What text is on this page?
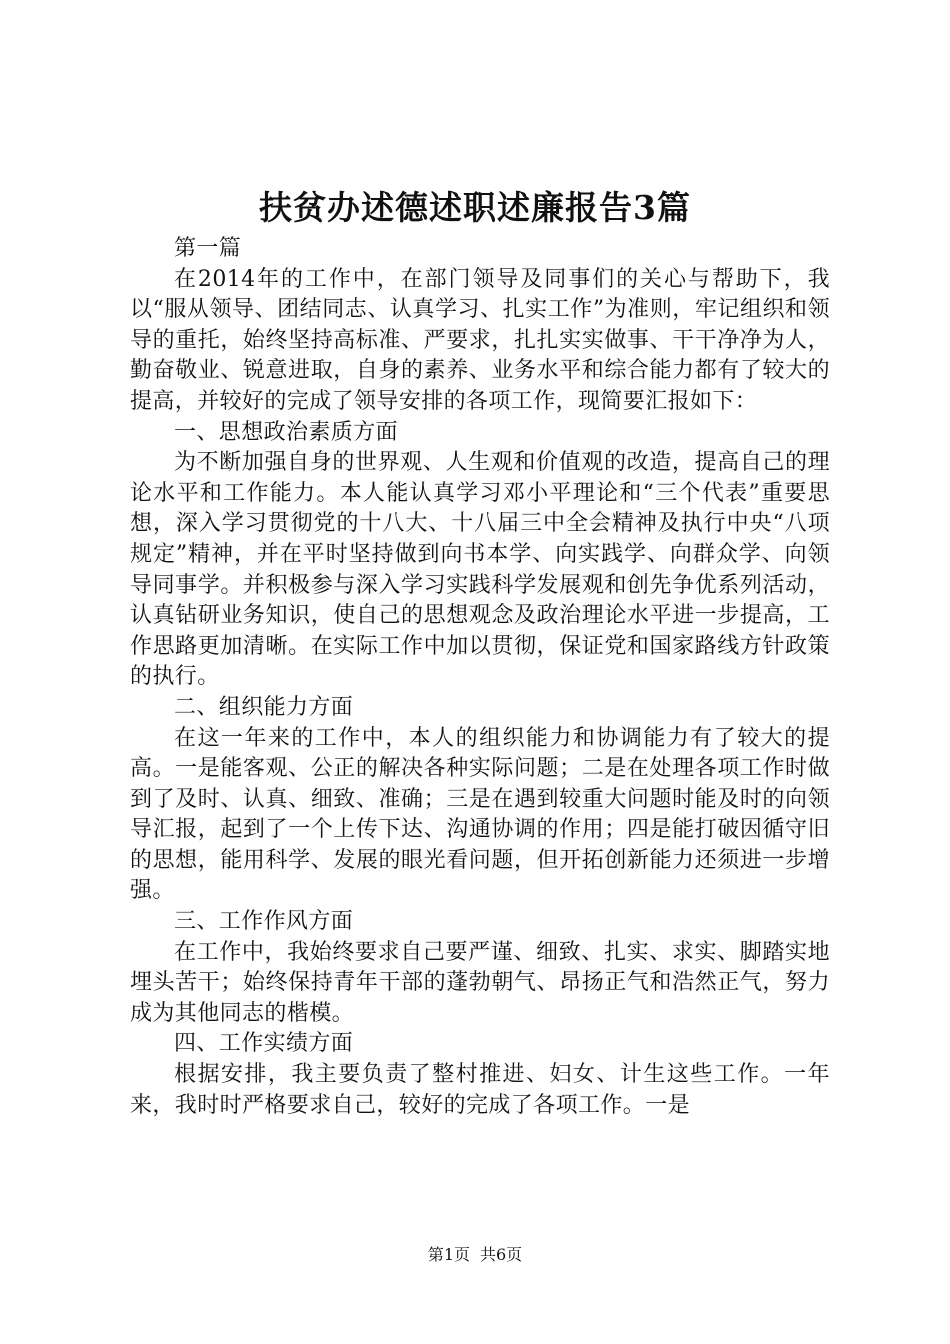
扶贫办述德述职述廉报告3篇

第一篇

在2014年的工作中，在部门领导及同事们的关心与帮助下，我以“服从领导、团结同志、认真学习、扎实工作”为准则，牢记组织和领导的重托，始终坚持高标准、严要求，扎扎实实做事、干干净净为人，勤奋敬业、锐意进取，自身的素养、业务水平和综合能力都有了较大的提高，并较好的完成了领导安排的各项工作，现简要汇报如下：

一、思想政治素质方面

为不断加强自身的世界观、人生观和价值观的改造，提高自己的理论水平和工作能力。本人能认真学习邓小平理论和“三个代表”重要思想，深入学习贯彻党的十八大、十八届三中全会精神及执行中央“八项规定”精神，并在平时坚持做到向书本学、向实践学、向群众学、向领导同事学。并积极参与深入学习实践科学发展观和创先争优系列活动，认真钻研业务知识，使自己的思想观念及政治理论水平进一步提高，工作思路更加清晰。在实际工作中加以贯彻，保证党和国家路线方针政策的执行。

二、组织能力方面

在这一年来的工作中，本人的组织能力和协调能力有了较大的提高。一是能客观、公正的解决各种实际问题；二是在处理各项工作时做到了及时、认真、细致、准确；三是在遇到较重大问题时能及时的向领导汇报，起到了一个上传下达、沟通协调的作用；四是能打破因循守旧的思想，能用科学、发展的眼光看问题，但开拓创新能力还须进一步增强。

三、工作作风方面

在工作中，我始终要求自己要严谨、细致、扎实、求实、脚踏实地埋头苦干；始终保持青年干部的蓬勃朝气、昂扬正气和浩然正气，努力成为其他同志的楷模。

四、工作实绩方面

根据安排，我主要负责了整村推进、妇女、计生这些工作。一年来，我时时严格要求自己，较好的完成了各项工作。一是

第1页 共6页
